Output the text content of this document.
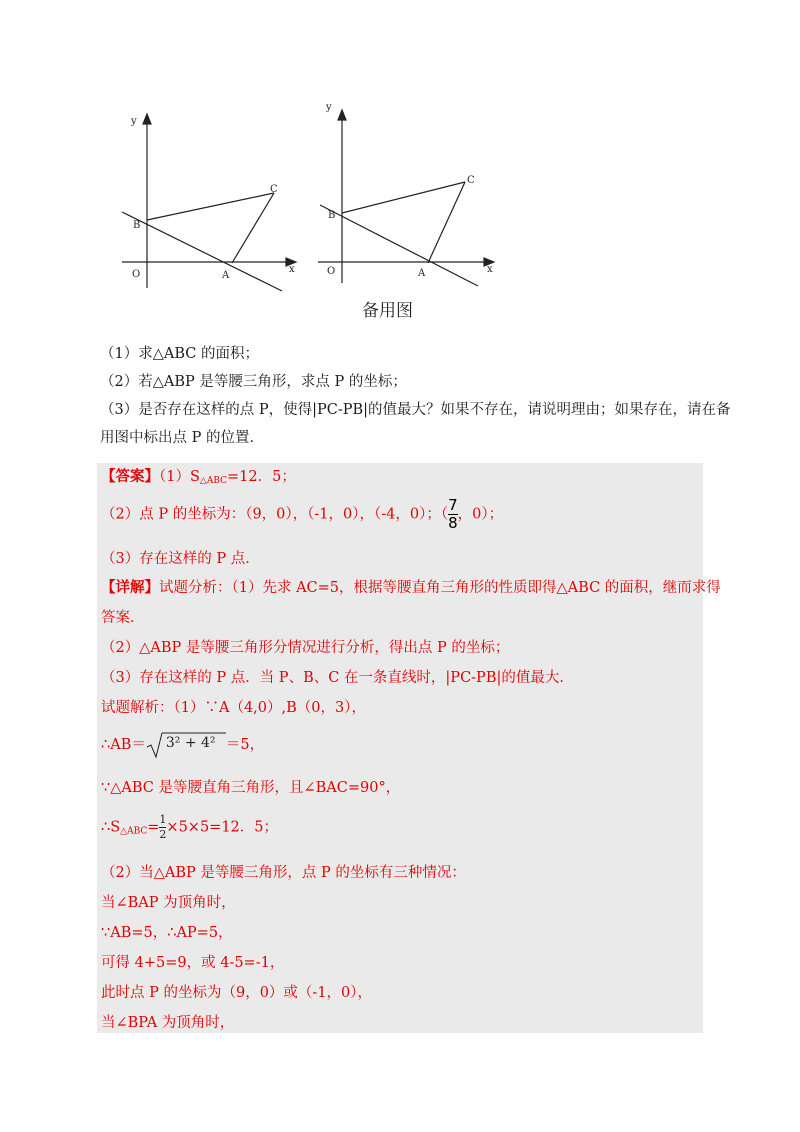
y
x
O
B
A
C
y
x
O
B
A
C
备用图
（1）求△ABC 的面积；
（2）若△ABP 是等腰三角形，求点 P 的坐标；
（3）是否存在这样的点 P，使得|PC-PB|的值最大？如果不存在，请说明理由；如果存在，请在备
用图中标出点 P 的位置．
【答案】$(1)S_{\triangle ABC}=12$．5；
（2）点 P 的坐标为：（9，0），（-1，0），（-4，0）；（ $\frac{7}{8}$ ，0）；
（3）存在这样的 P 点．
【详解】试题分析：（1）先求 AC=5，根据等腰直角三角形的性质即得△ABC 的面积，继而求得
答案．
（2）△ABP 是等腰三角形分情况进行分析，得出点 P 的坐标；
（3）存在这样的 P 点．当 P、B、C 在一条直线时，|PC-PB|的值最大．
试题解析：（1）∵A（4,0）,B（0，3），
∴AB＝ 3² + 4² ＝5，
∵△ABC 是等腰直角三角形，且∠BAC=90°，
$\therefore S_{\triangle ABC}= \frac{1}{2} \times 5\times 5=12$．5；
（2）当△ABP 是等腰三角形，点 P 的坐标有三种情况：
当∠BAP 为顶角时，
∵AB=5，∴AP=5，
可得 4+5=9，或 4-5=-1，
此时点 P 的坐标为（9，0）或（-1，0），
当∠BPA 为顶角时，
